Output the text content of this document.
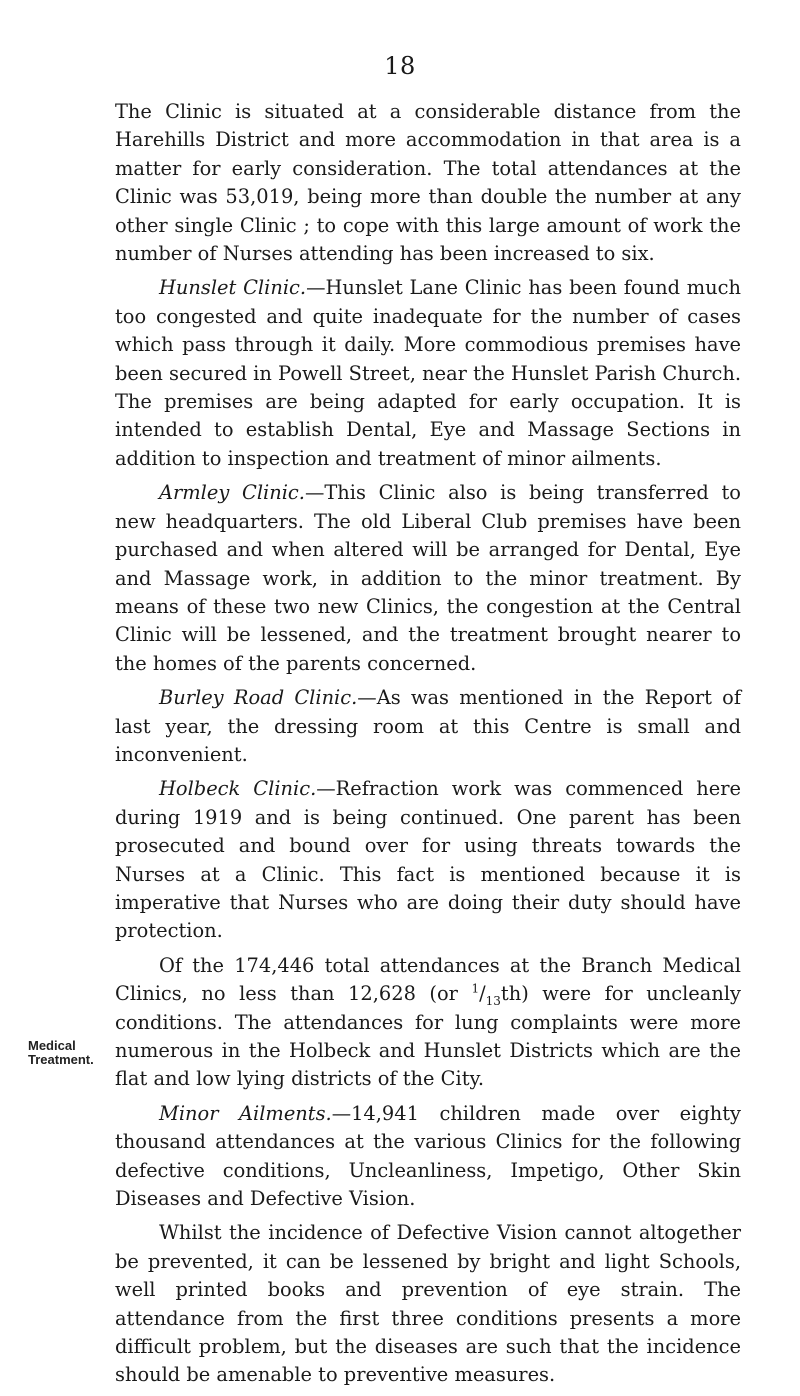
18
Medical
Treatment.

The Clinic is situated at a considerable distance from the Harehills District and more accommodation in that area is a matter for early consideration. The total attendances at the Clinic was 53,019, being more than double the number at any other single Clinic ; to cope with this large amount of work the number of Nurses attending has been increased to six.

Hunslet Clinic.—Hunslet Lane Clinic has been found much too congested and quite inadequate for the number of cases which pass through it daily. More commodious premises have been secured in Powell Street, near the Hunslet Parish Church. The premises are being adapted for early occupation. It is intended to establish Dental, Eye and Massage Sections in addition to inspection and treatment of minor ailments.

Armley Clinic.—This Clinic also is being transferred to new headquarters. The old Liberal Club premises have been purchased and when altered will be arranged for Dental, Eye and Massage work, in addition to the minor treatment. By means of these two new Clinics, the congestion at the Central Clinic will be lessened, and the treatment brought nearer to the homes of the parents concerned.

Burley Road Clinic.—As was mentioned in the Report of last year, the dressing room at this Centre is small and inconvenient.

Holbeck Clinic.—Refraction work was commenced here during 1919 and is being continued. One parent has been prosecuted and bound over for using threats towards the Nurses at a Clinic. This fact is mentioned because it is imperative that Nurses who are doing their duty should have protection.

Of the 174,446 total attendances at the Branch Medical Clinics, no less than 12,628 (or $^1/_{13}th$) were for uncleanly conditions. The attendances for lung complaints were more numerous in the Holbeck and Hunslet Districts which are the flat and low lying districts of the City.

Minor Ailments.—14,941 children made over eighty thousand attendances at the various Clinics for the following defective conditions, Uncleanliness, Impetigo, Other Skin Diseases and Defective Vision.

Whilst the incidence of Defective Vision cannot altogether be prevented, it can be lessened by bright and light Schools, well printed books and prevention of eye strain. The attendance from the first three conditions presents a more difficult problem, but the diseases are such that the incidence should be amenable to preventive measures.
